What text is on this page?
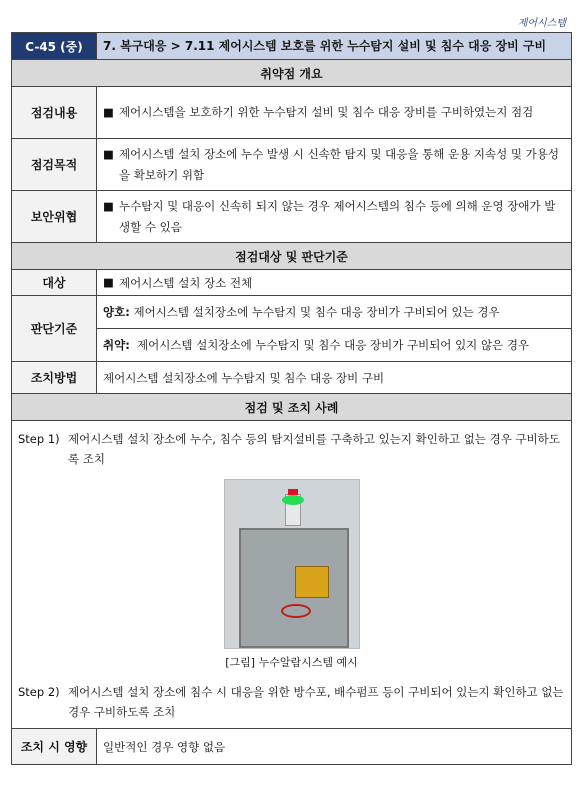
제어시스템
C-45 (중)	7. 복구대응 > 7.11 제어시스템 보호를 위한 누수탐지 설비 및 침수 대응 장비 구비
취약점 개요	
점검내용	■ 제어시스템을 보호하기 위한 누수탐지 설비 및 침수 대응 장비를 구비하였는지 점검

점검목적	■ 제어시스템 설치 장소에 누수 발생 시 신속한 탐지 및 대응을 통해 운용 지속성 및 가용성을 확보하기 위함

보안위협	■ 누수탐지 및 대응이 신속히 되지 않는 경우 제어시스템의 침수 등에 의해 운영 장애가 발생할 수 있음

점검대상 및 판단기준	
대상	■ 제어시스템 설치 장소 전체

판단기준	양호: 제어시스템 설치장소에 누수탐지 및 침수 대응 장비가 구비되어 있는 경우
취약: 제어시스템 설치장소에 누수탐지 및 침수 대응 장비가 구비되어 있지 않은 경우

조치방법	제어시스템 설치장소에 누수탐지 및 침수 대응 장비 구비
점검 및 조치 사례	

Step 1) 제어시스템 설치 장소에 누수, 침수 등의 탐지설비를 구축하고 있는지 확인하고 없는 경우 구비하도록 조치
[그림] 누수알람시스템 예시
Step 2) 제어시스템 설치 장소에 침수 시 대응을 위한 방수포, 배수펌프 등이 구비되어 있는지 확인하고 없는 경우 구비하도록 조치	

조치 시 영향	일반적인 경우 영향 없음
